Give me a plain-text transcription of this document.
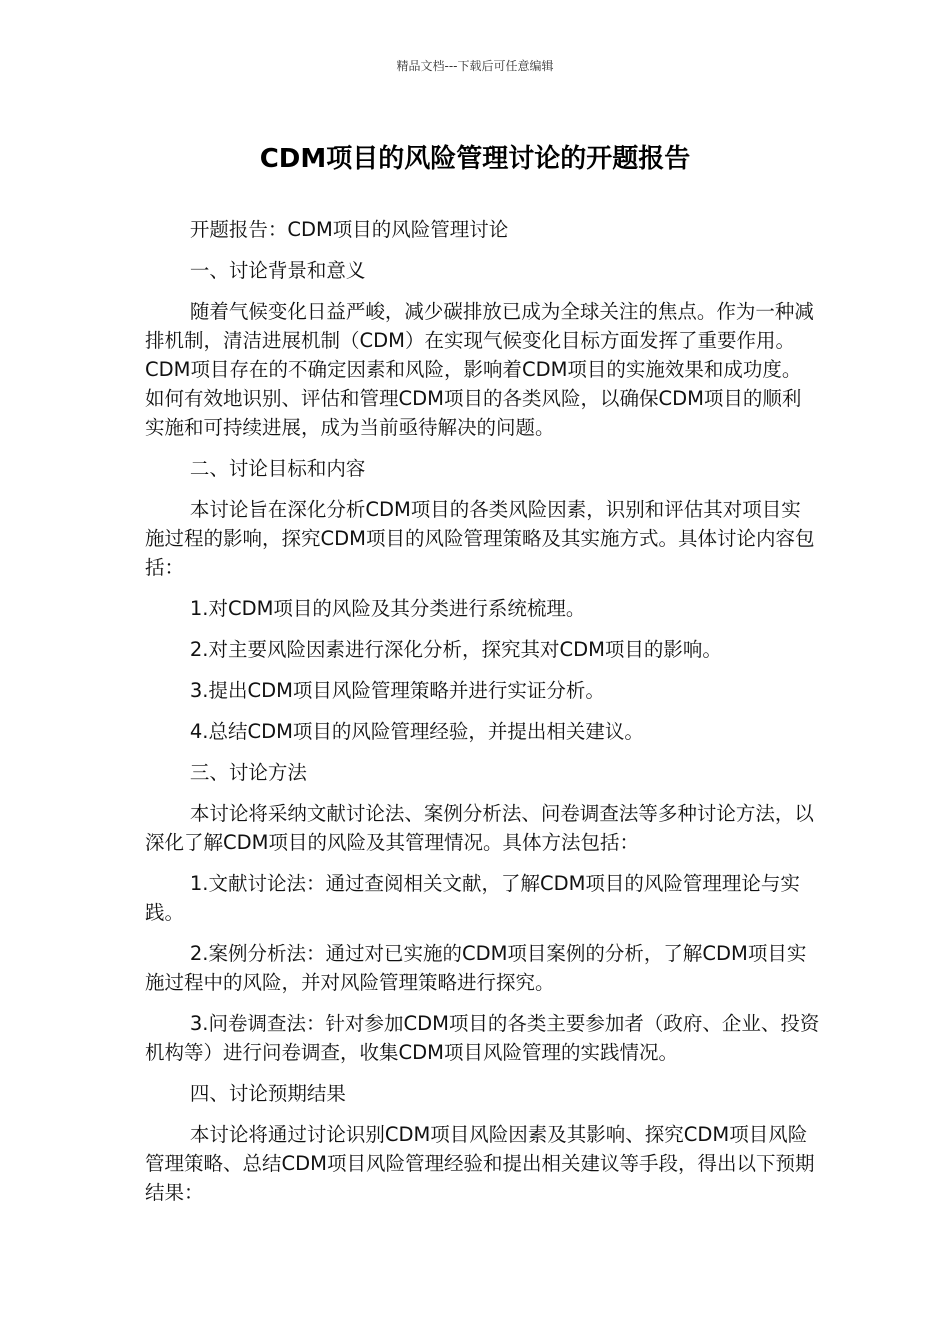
精品文档---下载后可任意编辑
CDM项目的风险管理讨论的开题报告

开题报告：CDM项目的风险管理讨论

一、讨论背景和意义

随着气候变化日益严峻，减少碳排放已成为全球关注的焦点。作为一种减排机制，清洁进展机制（CDM）在实现气候变化目标方面发挥了重要作用。CDM项目存在的不确定因素和风险，影响着CDM项目的实施效果和成功度。如何有效地识别、评估和管理CDM项目的各类风险，以确保CDM项目的顺利实施和可持续进展，成为当前亟待解决的问题。

二、讨论目标和内容

本讨论旨在深化分析CDM项目的各类风险因素，识别和评估其对项目实施过程的影响，探究CDM项目的风险管理策略及其实施方式。具体讨论内容包括：

1.对CDM项目的风险及其分类进行系统梳理。

2.对主要风险因素进行深化分析，探究其对CDM项目的影响。

3.提出CDM项目风险管理策略并进行实证分析。

4.总结CDM项目的风险管理经验，并提出相关建议。

三、讨论方法

本讨论将采纳文献讨论法、案例分析法、问卷调查法等多种讨论方法，以深化了解CDM项目的风险及其管理情况。具体方法包括：

1.文献讨论法：通过查阅相关文献，了解CDM项目的风险管理理论与实践。

2.案例分析法：通过对已实施的CDM项目案例的分析，了解CDM项目实施过程中的风险，并对风险管理策略进行探究。

3.问卷调查法：针对参加CDM项目的各类主要参加者（政府、企业、投资机构等）进行问卷调查，收集CDM项目风险管理的实践情况。

四、讨论预期结果

本讨论将通过讨论识别CDM项目风险因素及其影响、探究CDM项目风险管理策略、总结CDM项目风险管理经验和提出相关建议等手段，得出以下预期结果：
